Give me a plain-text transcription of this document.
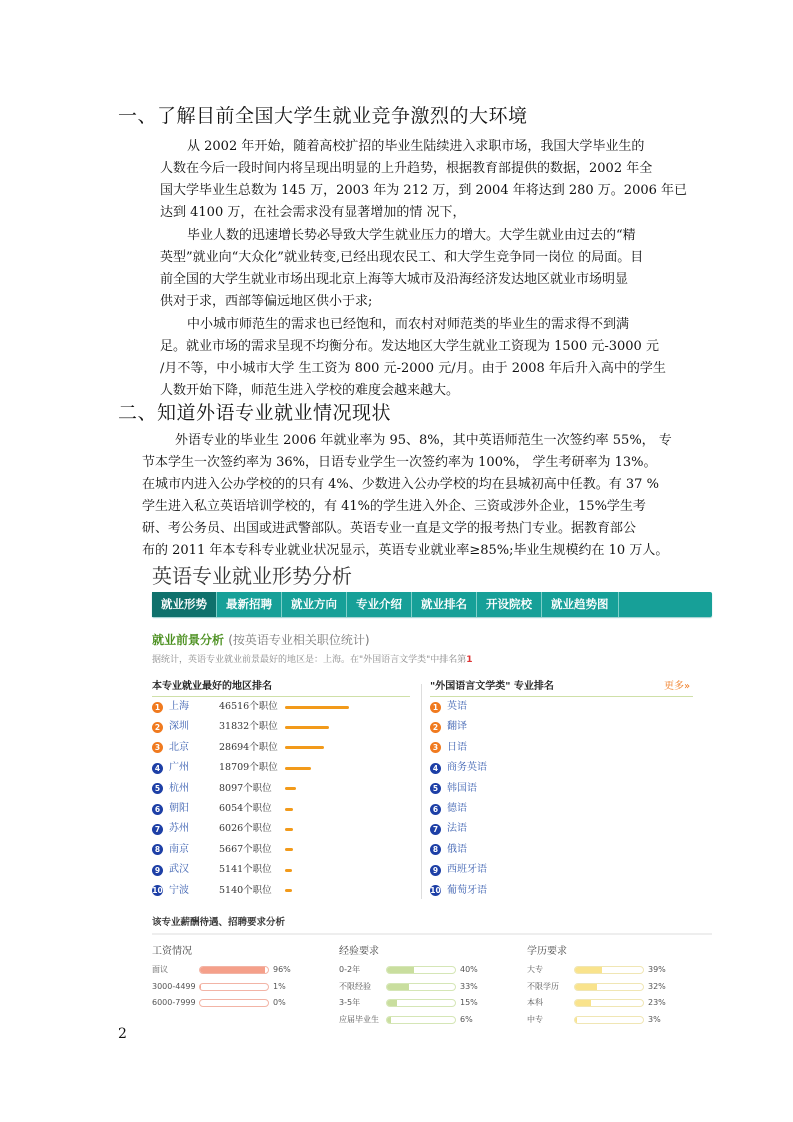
一、了解目前全国大学生就业竞争激烈的大环境
从 2002 年开始，随着高校扩招的毕业生陆续进入求职市场，我国大学毕业生的
人数在今后一段时间内将呈现出明显的上升趋势，根据教育部提供的数据，2002 年全
国大学毕业生总数为 145 万，2003 年为 212 万，到 2004 年将达到 280 万。2006 年已
达到 4100 万，在社会需求没有显著增加的情 况下，
毕业人数的迅速增长势必导致大学生就业压力的增大。大学生就业由过去的“精
英型”就业向“大众化”就业转变,已经出现农民工、和大学生竞争同一岗位 的局面。目
前全国的大学生就业市场出现北京上海等大城市及沿海经济发达地区就业市场明显
供对于求，西部等偏远地区供小于求;
中小城市师范生的需求也已经饱和，而农村对师范类的毕业生的需求得不到满
足。就业市场的需求呈现不均衡分布。发达地区大学生就业工资现为 1500 元-3000 元
/月不等，中小城市大学 生工资为 800 元-2000 元/月。由于 2008 年后升入高中的学生
人数开始下降，师范生进入学校的难度会越来越大。
二、知道外语专业就业情况现状
外语专业的毕业生 2006 年就业率为 95、8%，其中英语师范生一次签约率 55%， 专
节本学生一次签约率为 36%，日语专业学生一次签约率为 100%， 学生考研率为 13%。
在城市内进入公办学校的的只有 4%、少数进入公办学校的均在县城初高中任教。有 37 %
学生进入私立英语培训学校的，有 41%的学生进入外企、三资或涉外企业，15%学生考
研、考公务员、出国或进武警部队。英语专业一直是文学的报考热门专业。据教育部公
布的 2011 年本专科专业就业状况显示，英语专业就业率≥85%;毕业生规模约在 10 万人。
英语专业就业形势分析
就业形势	最新招聘	就业方向	专业介绍	就业排名	开设院校	就业趋势图
就业前景分析 (按英语专业相关职位统计)
据统计，英语专业就业前景最好的地区是：上海。在"外国语言文学类"中排名第1
本专业就业最好的地区排名	"外国语言文学类" 专业排名	更多»
1 上海	46516个职位
2 深圳	31832个职位
3 北京	28694个职位
4 广州	18709个职位
5 杭州	8097个职位
6 朝阳	6054个职位
7 苏州	6026个职位
8 南京	5667个职位
9 武汉	5141个职位
10 宁波	5140个职位
1 英语
2 翻译
3 日语
4 商务英语
5 韩国语
6 德语
7 法语
8 俄语
9 西班牙语
10 葡萄牙语
该专业薪酬待遇、招聘要求分析
工资情况
面议	96%
3000-4499	1%
6000-7999	0%
经验要求
0-2年	40%
不限经验	33%
3-5年	15%
应届毕业生	6%
学历要求
大专	39%
不限学历	32%
本科	23%
中专	3%
2
